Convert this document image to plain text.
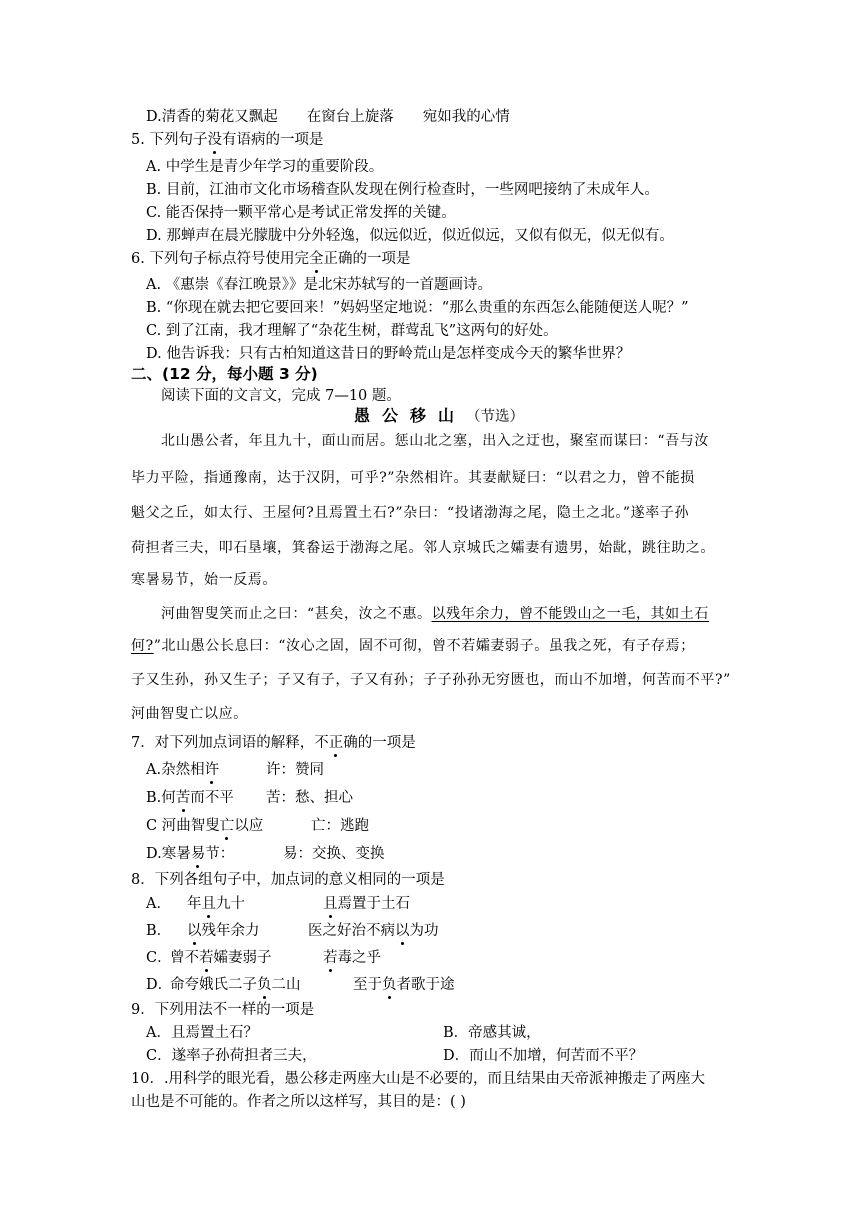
D.清香的菊花又飘起　　在窗台上旋落　　宛如我的心情
5. 下列句子没有语病的一项是
A. 中学生是青少年学习的重要阶段。
B. 目前，江油市文化市场稽查队发现在例行检查时，一些网吧接纳了未成年人。
C. 能否保持一颗平常心是考试正常发挥的关键。
D. 那蝉声在晨光朦胧中分外轻逸，似远似近，似近似远，又似有似无，似无似有。
6. 下列句子标点符号使用完全正确的一项是
A. 《惠崇《春江晚景》》是北宋苏轼写的一首题画诗。
B. “你现在就去把它要回来！”妈妈坚定地说：“那么贵重的东西怎么能随便送人呢？”
C. 到了江南，我才理解了“杂花生树，群莺乱飞”这两句的好处。
D. 他告诉我：只有古柏知道这昔日的野岭荒山是怎样变成今天的繁华世界？
二、(12 分，每小题 3 分)
阅读下面的文言文，完成 7—10 题。
愚公移山（节选）
北山愚公者，年且九十，面山而居。惩山北之塞，出入之迂也，聚室而谋曰：“吾与汝
毕力平险，指通豫南，达于汉阴，可乎?”杂然相许。其妻献疑曰：“以君之力，曾不能损
魁父之丘，如太行、王屋何?且焉置土石?”杂曰：“投诸渤海之尾，隐土之北。”遂率子孙
荷担者三夫，叩石垦壤，箕畚运于渤海之尾。邻人京城氏之孀妻有遗男，始龀，跳往助之。
寒暑易节，始一反焉。
河曲智叟笑而止之曰：“甚矣，汝之不惠。以残年余力，曾不能毁山之一毛，其如土石
何?”北山愚公长息曰：“汝心之固，固不可彻，曾不若孀妻弱子。虽我之死，有子存焉；
子又生孙，孙又生子；子又有子，子又有孙；子子孙孙无穷匮也，而山不加增，何苦而不平?”
河曲智叟亡以应。
7．对下列加点词语的解释，不正确的一项是
A.杂然相许	许：赞同
B.何苦而不平 苦：愁、担心
C 河曲智叟亡以应	亡：逃跑
D.寒暑易节：	易：交换、变换
8．下列各组句子中，加点词的意义相同的一项是
A． 年且九十	且焉置于土石
B． 以残年余力	医之好治不病以为功
C．
曾不若孀妻弱子	若毒之乎
D．
命夸娥氏二子负二山	至于负者歌于途
9．下列用法不一样的一项是
A．且焉置土石？	B．帝感其诚，
C．遂率子孙荷担者三夫，	D．而山不加增，何苦而不平？
10．.用科学的眼光看，愚公移走两座大山是不必要的，而且结果由天帝派神搬走了两座大
山也是不可能的。作者之所以这样写，其目的是：( )
